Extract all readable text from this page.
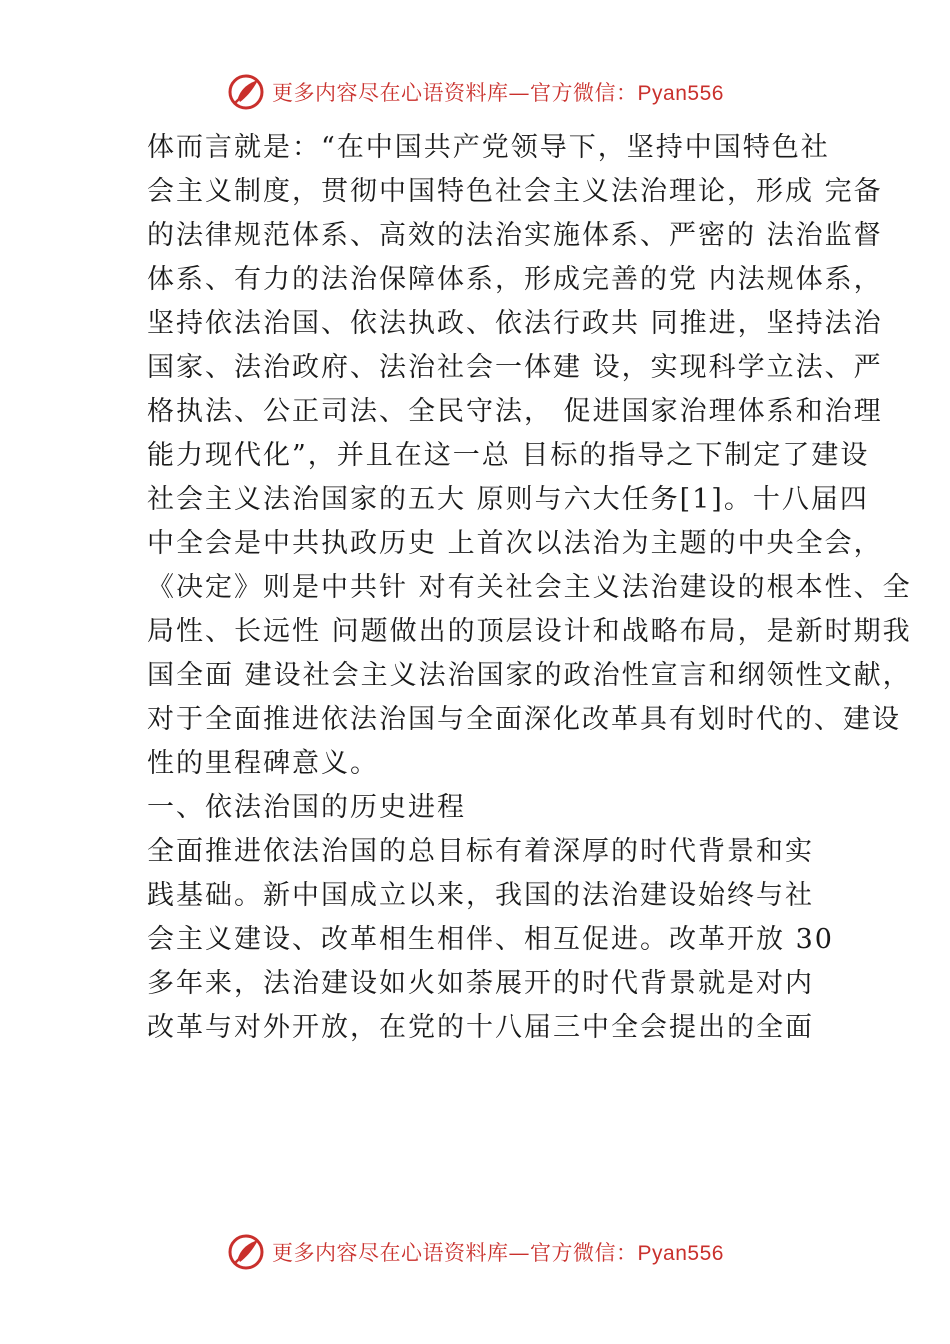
更多内容尽在心语资料库—官方微信：Pyan556
体而言就是：“在中国共产党领导下，坚持中国特色社
会主义制度，贯彻中国特色社会主义法治理论，形成 完备
的法律规范体系、高效的法治实施体系、严密的 法治监督
体系、有力的法治保障体系，形成完善的党 内法规体系，
坚持依法治国、依法执政、依法行政共 同推进，坚持法治
国家、法治政府、法治社会一体建 设，实现科学立法、严
格执法、公正司法、全民守法， 促进国家治理体系和治理
能力现代化”，并且在这一总 目标的指导之下制定了建设
社会主义法治国家的五大 原则与六大任务[1]。十八届四
中全会是中共执政历史 上首次以法治为主题的中央全会，
《决定》则是中共针 对有关社会主义法治建设的根本性、全
局性、长远性 问题做出的顶层设计和战略布局，是新时期我
国全面 建设社会主义法治国家的政治性宣言和纲领性文献，
对于全面推进依法治国与全面深化改革具有划时代的、建设
性的里程碑意义。
一、依法治国的历史进程
全面推进依法治国的总目标有着深厚的时代背景和实
践基础。新中国成立以来，我国的法治建设始终与社
会主义建设、改革相生相伴、相互促进。改革开放 30
多年来，法治建设如火如荼展开的时代背景就是对内
改革与对外开放，在党的十八届三中全会提出的全面
更多内容尽在心语资料库—官方微信：Pyan556
